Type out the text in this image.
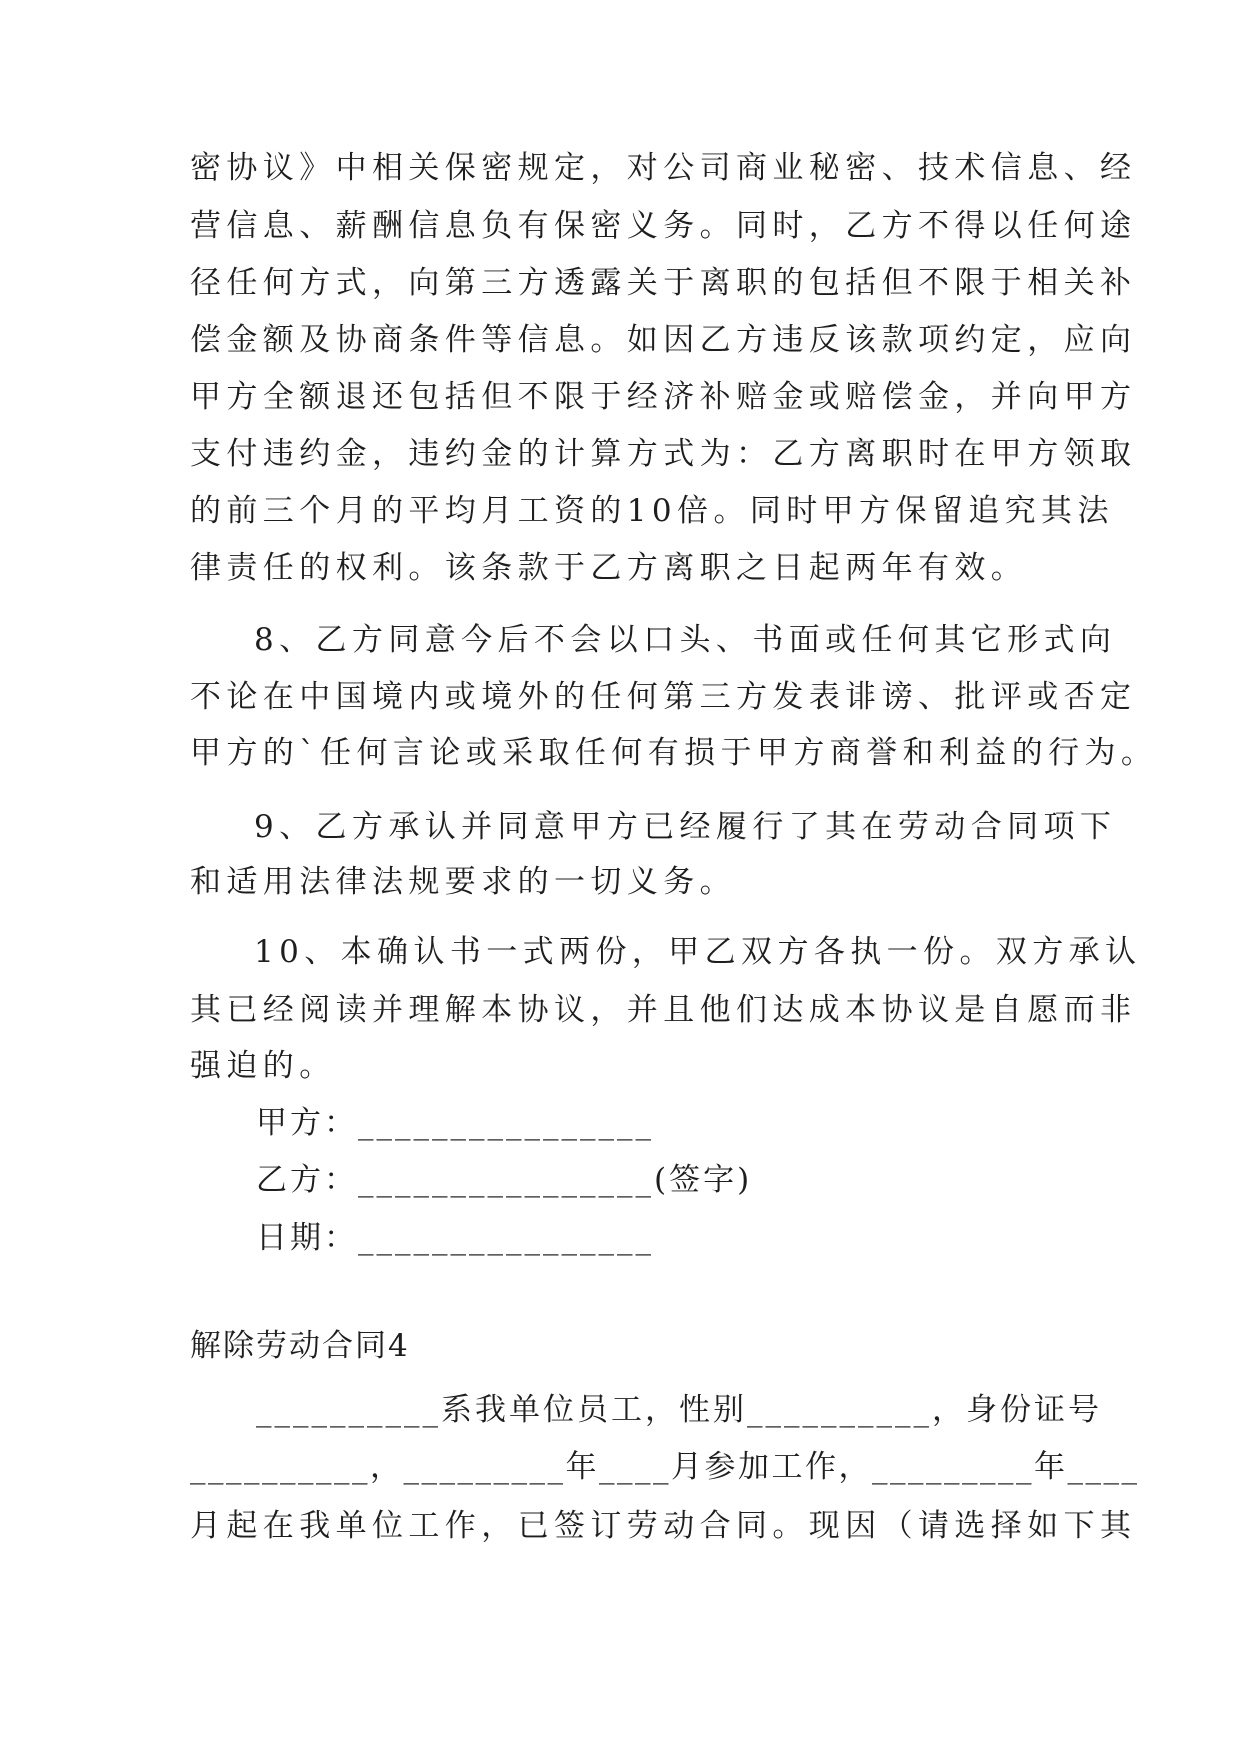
密协议》中相关保密规定，对公司商业秘密、技术信息、经
营信息、薪酬信息负有保密义务。同时，乙方不得以任何途
径任何方式，向第三方透露关于离职的包括但不限于相关补
偿金额及协商条件等信息。如因乙方违反该款项约定，应向
甲方全额退还包括但不限于经济补赔金或赔偿金，并向甲方
支付违约金，违约金的计算方式为：乙方离职时在甲方领取
的前三个月的平均月工资的10倍。同时甲方保留追究其法
律责任的权利。该条款于乙方离职之日起两年有效。
8、乙方同意今后不会以口头、书面或任何其它形式向
不论在中国境内或境外的任何第三方发表诽谤、批评或否定
甲方的`任何言论或采取任何有损于甲方商誉和利益的行为。
9、乙方承认并同意甲方已经履行了其在劳动合同项下
和适用法律法规要求的一切义务。
10、本确认书一式两份，甲乙双方各执一份。双方承认
其已经阅读并理解本协议，并且他们达成本协议是自愿而非
强迫的。
甲方：________________
乙方：________________(签字)
日期：________________
解除劳动合同4
__________系我单位员工，性别__________，身份证号
__________，_________年____月参加工作，_________年____
月起在我单位工作，已签订劳动合同。现因（请选择如下其
